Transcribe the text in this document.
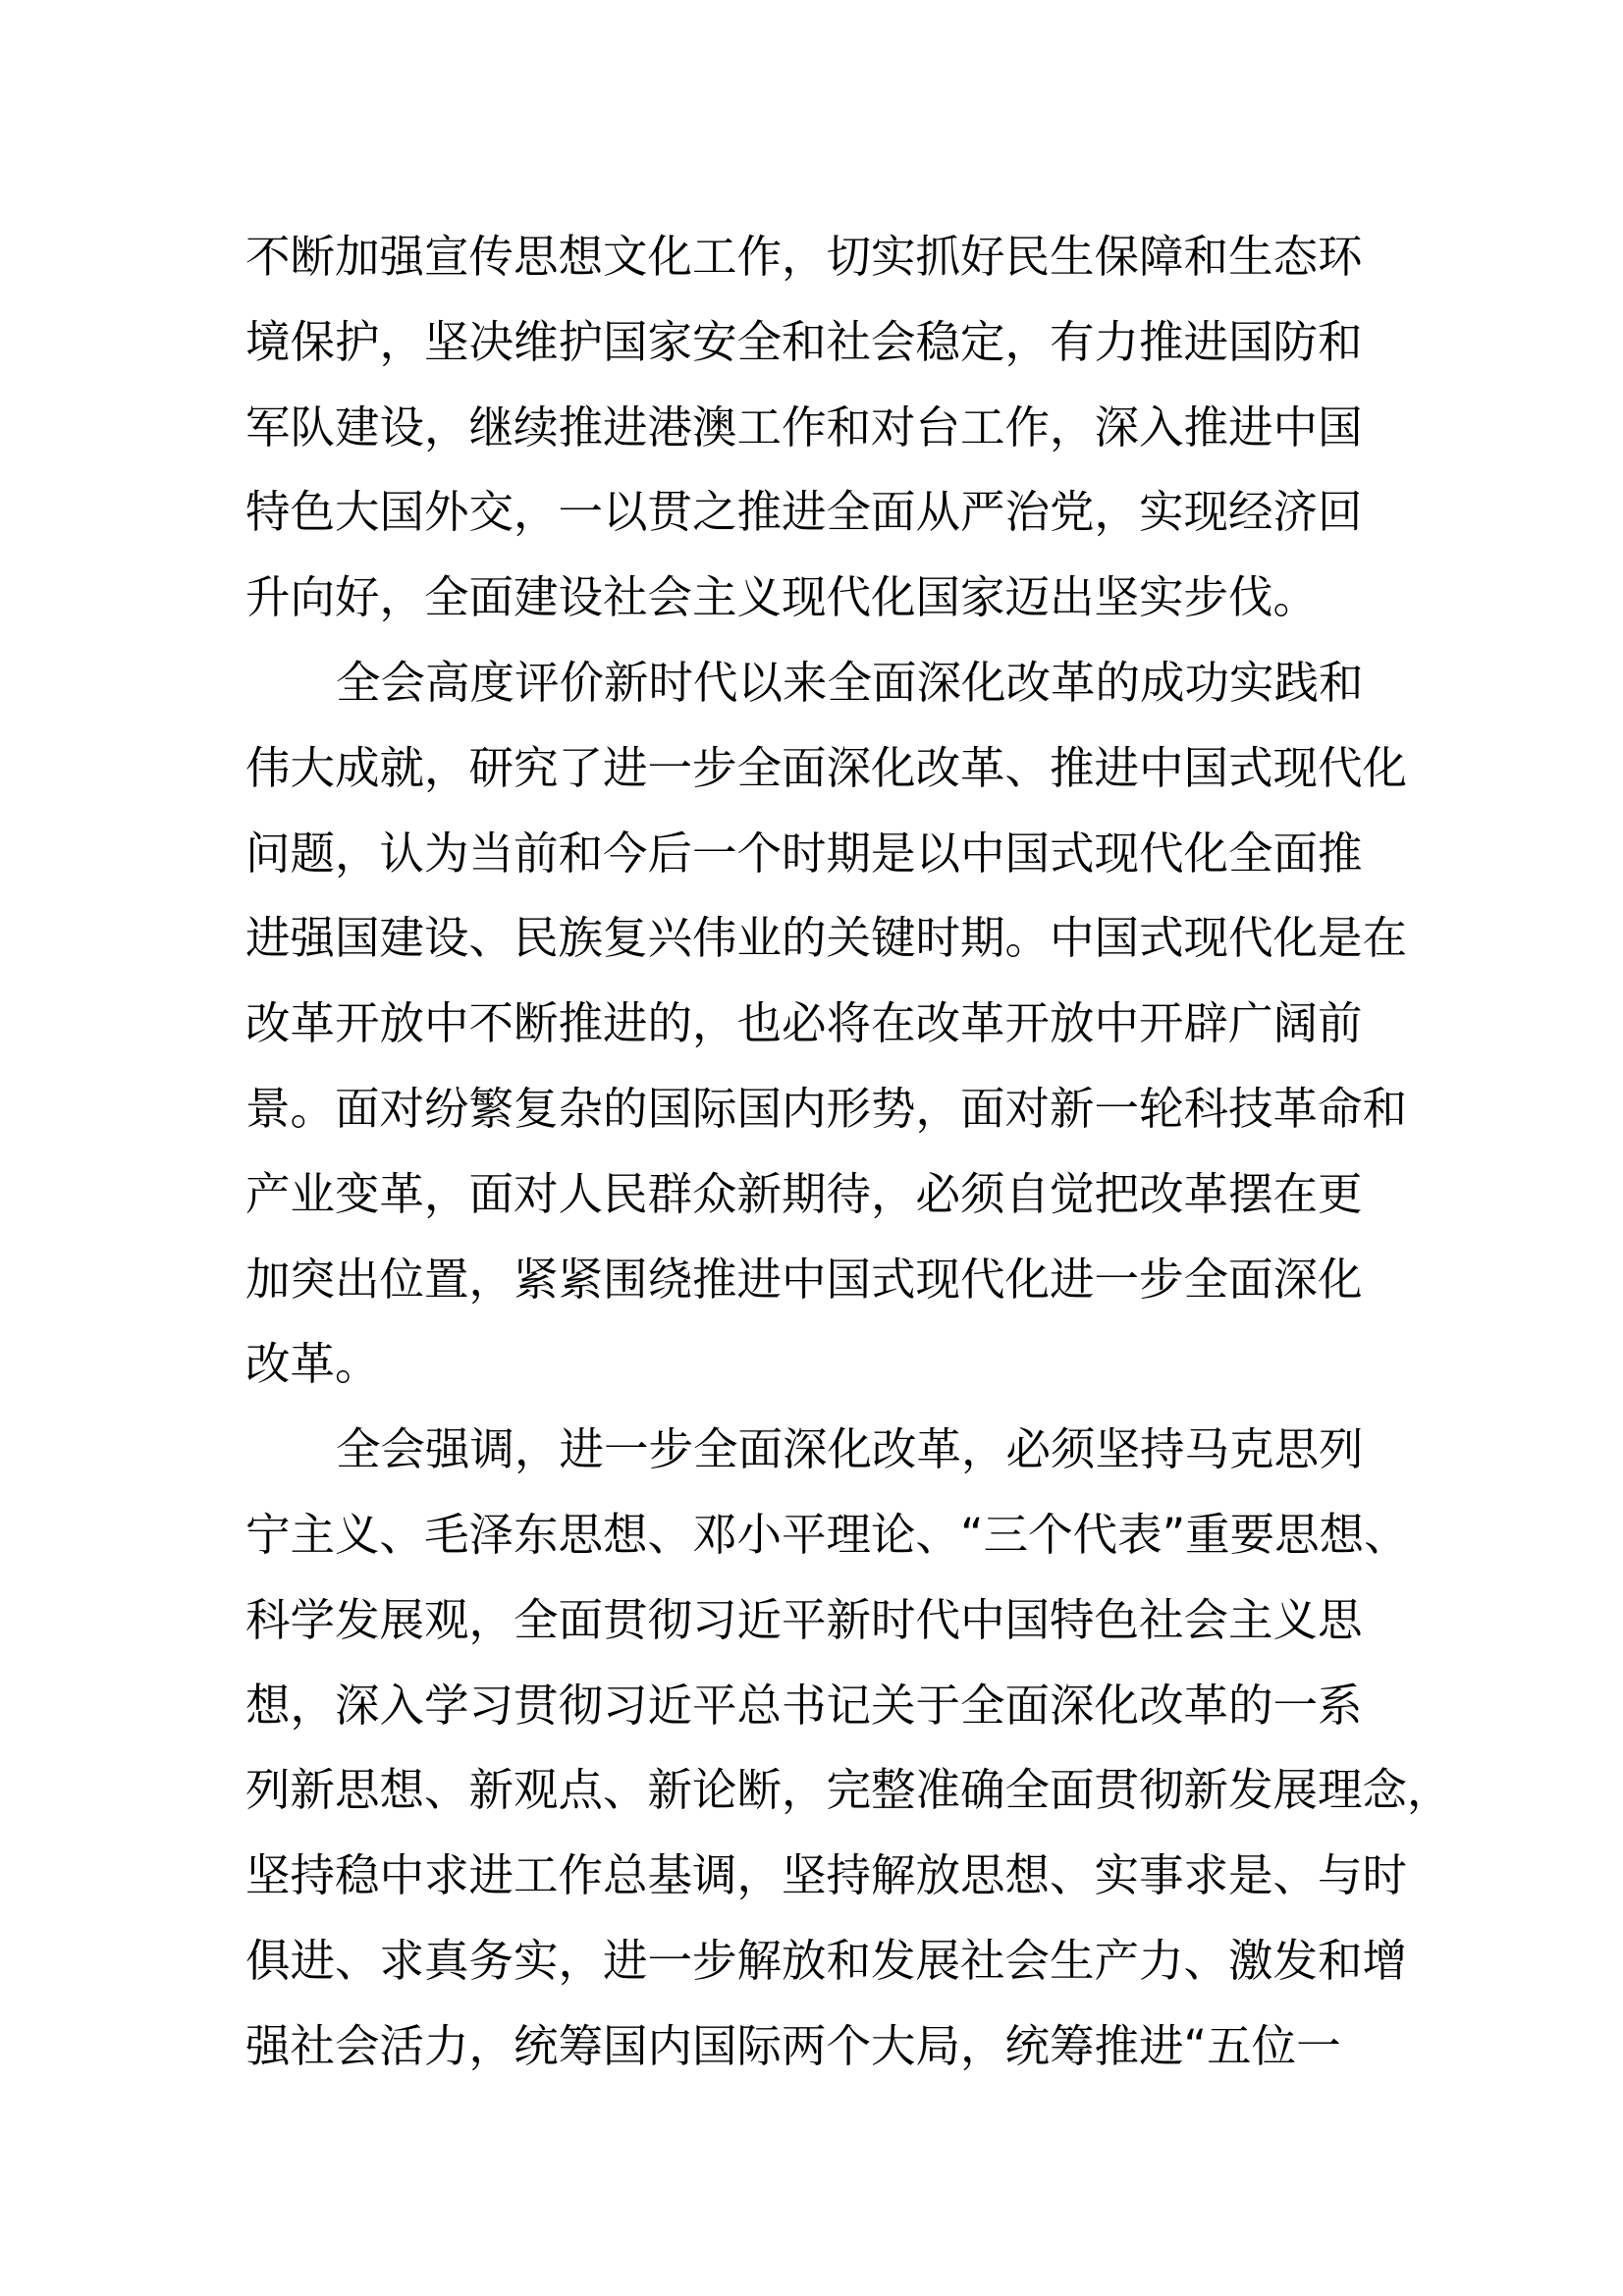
不断加强宣传思想文化工作，切实抓好民生保障和生态环
境保护，坚决维护国家安全和社会稳定，有力推进国防和
军队建设，继续推进港澳工作和对台工作，深入推进中国
特色大国外交，一以贯之推进全面从严治党，实现经济回
升向好，全面建设社会主义现代化国家迈出坚实步伐。
全会高度评价新时代以来全面深化改革的成功实践和
伟大成就，研究了进一步全面深化改革、推进中国式现代化
问题，认为当前和今后一个时期是以中国式现代化全面推
进强国建设、民族复兴伟业的关键时期。中国式现代化是在
改革开放中不断推进的，也必将在改革开放中开辟广阔前
景。面对纷繁复杂的国际国内形势，面对新一轮科技革命和
产业变革，面对人民群众新期待，必须自觉把改革摆在更
加突出位置，紧紧围绕推进中国式现代化进一步全面深化
改革。
全会强调，进一步全面深化改革，必须坚持马克思列
宁主义、毛泽东思想、邓小平理论、“三个代表”重要思想、
科学发展观，全面贯彻习近平新时代中国特色社会主义思
想，深入学习贯彻习近平总书记关于全面深化改革的一系
列新思想、新观点、新论断，完整准确全面贯彻新发展理念，
坚持稳中求进工作总基调，坚持解放思想、实事求是、与时
俱进、求真务实，进一步解放和发展社会生产力、激发和增
强社会活力，统筹国内国际两个大局，统筹推进“五位一
